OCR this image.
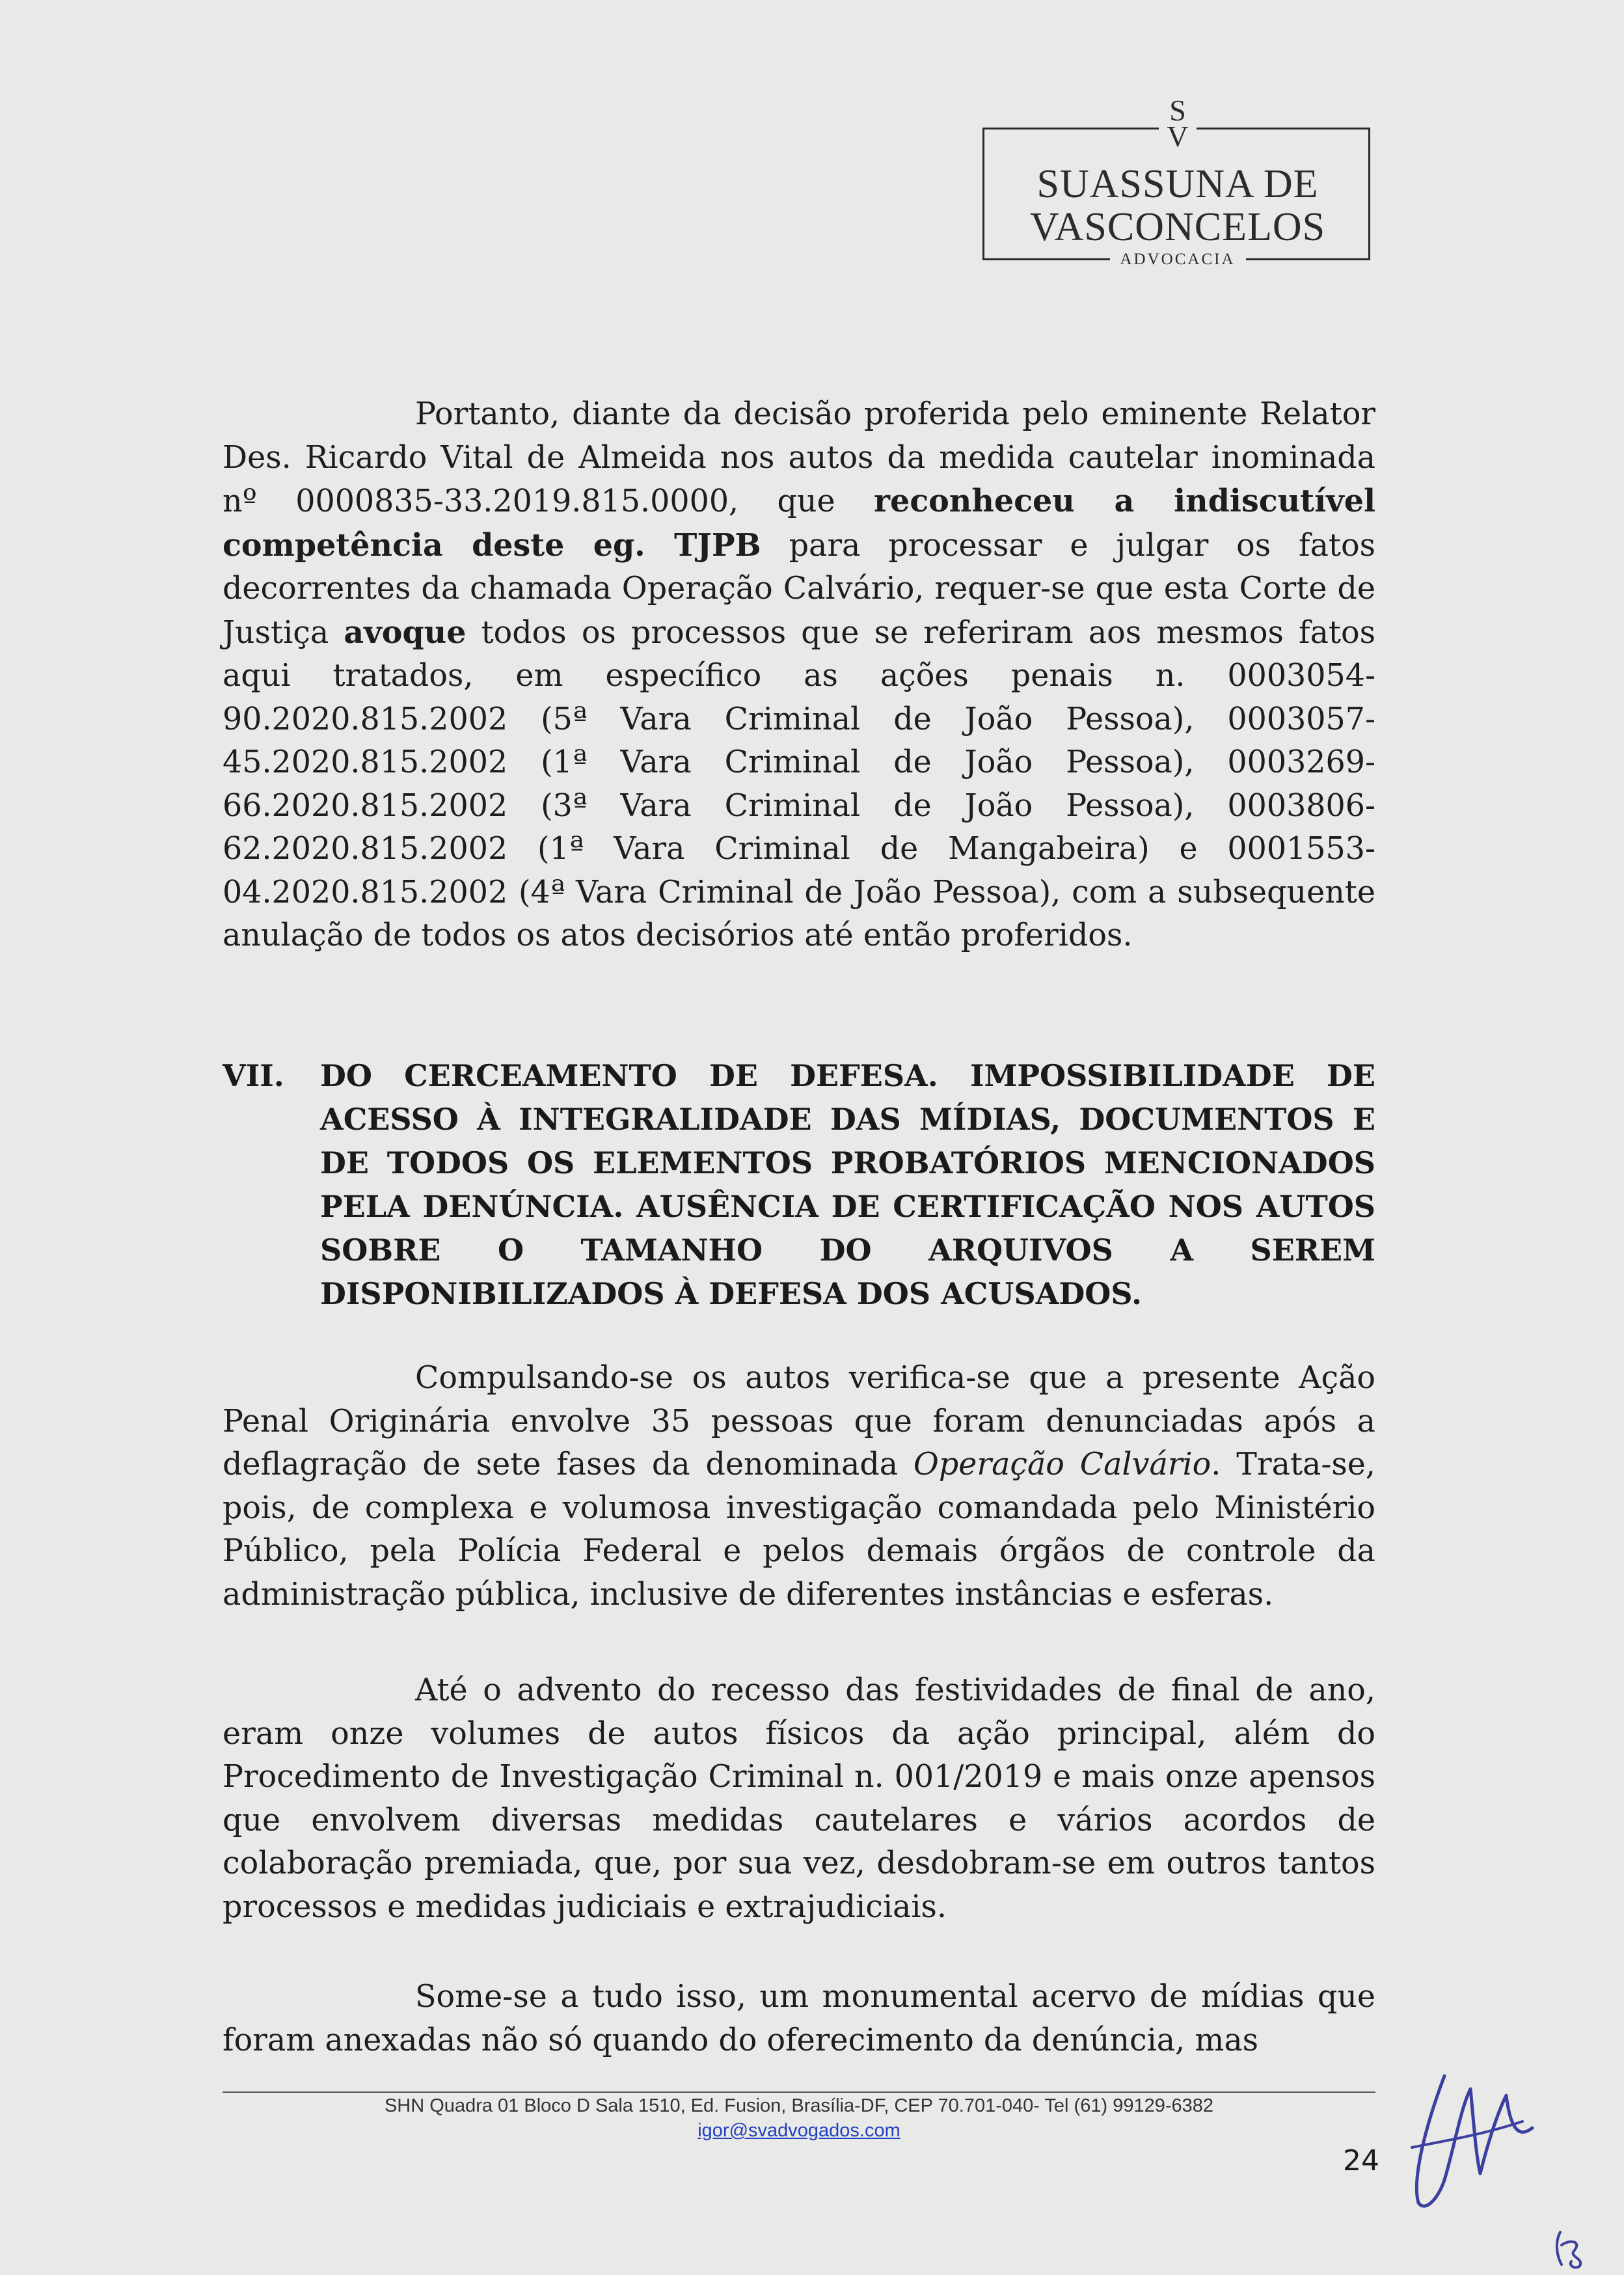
S
V
SUASSUNA DE
VASCONCELOS
ADVOCACIA

Portanto, diante da decisão proferida pelo eminente Relator Des. Ricardo Vital de Almeida nos autos da medida cautelar inominada nº 0000835-33.2019.815.0000, que reconheceu a indiscutível competência deste eg. TJPB para processar e julgar os fatos decorrentes da chamada Operação Calvário, requer-se que esta Corte de Justiça avoque todos os processos que se referiram aos mesmos fatos aqui tratados, em específico as ações penais n. 0003054-90.2020.815.2002 (5ª Vara Criminal de João Pessoa), 0003057-45.2020.815.2002 (1ª Vara Criminal de João Pessoa), 0003269-66.2020.815.2002 (3ª Vara Criminal de João Pessoa), 0003806-62.2020.815.2002 (1ª Vara Criminal de Mangabeira) e 0001553-04.2020.815.2002 (4ª Vara Criminal de João Pessoa), com a subsequente anulação de todos os atos decisórios até então proferidos.

VII. DO CERCEAMENTO DE DEFESA. IMPOSSIBILIDADE DE ACESSO À INTEGRALIDADE DAS MÍDIAS, DOCUMENTOS E DE TODOS OS ELEMENTOS PROBATÓRIOS MENCIONADOS PELA DENÚNCIA. AUSÊNCIA DE CERTIFICAÇÃO NOS AUTOS SOBRE O TAMANHO DO ARQUIVOS A SEREM DISPONIBILIZADOS À DEFESA DOS ACUSADOS.

Compulsando-se os autos verifica-se que a presente Ação Penal Originária envolve 35 pessoas que foram denunciadas após a deflagração de sete fases da denominada Operação Calvário. Trata-se, pois, de complexa e volumosa investigação comandada pelo Ministério Público, pela Polícia Federal e pelos demais órgãos de controle da administração pública, inclusive de diferentes instâncias e esferas.

Até o advento do recesso das festividades de final de ano, eram onze volumes de autos físicos da ação principal, além do Procedimento de Investigação Criminal n. 001/2019 e mais onze apensos que envolvem diversas medidas cautelares e vários acordos de colaboração premiada, que, por sua vez, desdobram-se em outros tantos processos e medidas judiciais e extrajudiciais.

Some-se a tudo isso, um monumental acervo de mídias que foram anexadas não só quando do oferecimento da denúncia, mas

SHN Quadra 01 Bloco D Sala 1510, Ed. Fusion, Brasília-DF, CEP 70.701-040- Tel (61) 99129-6382
igor@svadvogados.com
24
